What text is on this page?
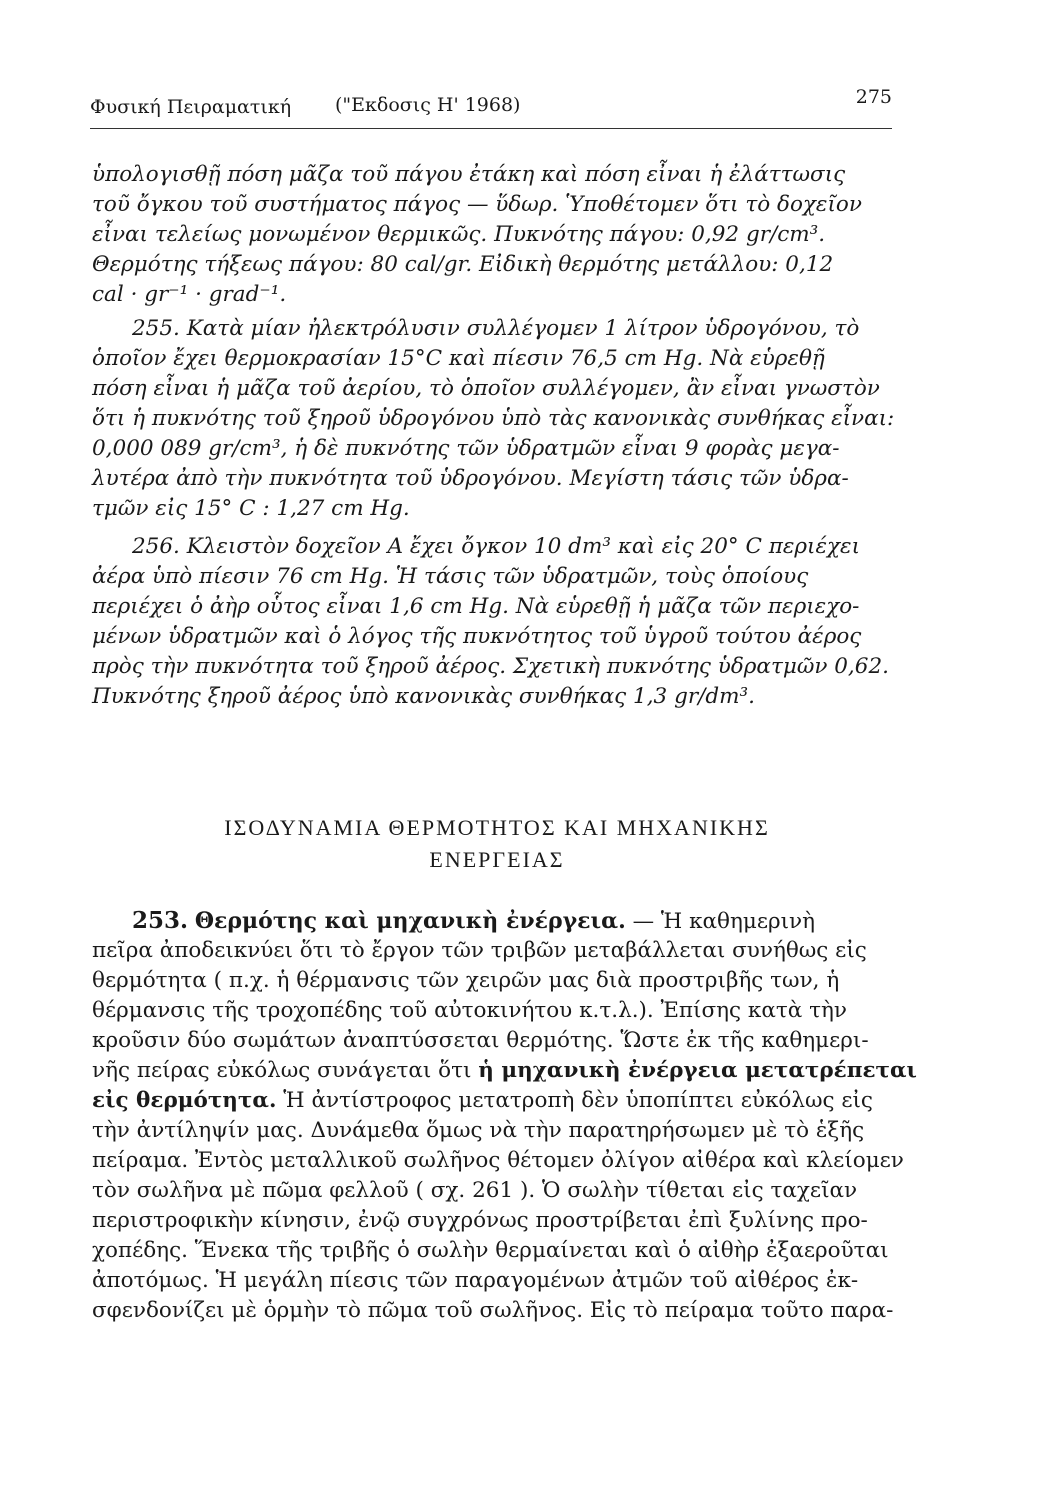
Φυσική Πειραματική ("Εκδοσις Η' 1968)	275
ὑπολογισθῇ πόση μᾶζα τοῦ πάγου ἐτάκη καὶ πόση εἶναι ἡ ἐλάττωσις
τοῦ ὄγκου τοῦ συστήματος πάγος — ὕδωρ. Ὑποθέτομεν ὅτι τὸ δοχεῖον
εἶναι τελείως μονωμένον θερμικῶς. Πυκνότης πάγου: 0,92 gr/cm³.
Θερμότης τήξεως πάγου: 80 cal/gr. Εἰδικὴ θερμότης μετάλλου: 0,12
cal · gr⁻¹ · grad⁻¹.
255. Κατὰ μίαν ἠλεκτρόλυσιν συλλέγομεν 1 λίτρον ὑδρογόνου, τὸ
ὁποῖον ἔχει θερμοκρασίαν 15°C καὶ πίεσιν 76,5 cm Hg. Νὰ εὑρεθῇ
πόση εἶναι ἡ μᾶζα τοῦ ἀερίου, τὸ ὁποῖον συλλέγομεν, ἂν εἶναι γνωστὸν
ὅτι ἡ πυκνότης τοῦ ξηροῦ ὑδρογόνου ὑπὸ τὰς κανονικὰς συνθήκας εἶναι:
0,000 089 gr/cm³, ἡ δὲ πυκνότης τῶν ὑδρατμῶν εἶναι 9 φορὰς μεγα-
λυτέρα ἀπὸ τὴν πυκνότητα τοῦ ὑδρογόνου. Μεγίστη τάσις τῶν ὑδρα-
τμῶν εἰς 15° C : 1,27 cm Hg.
256. Κλειστὸν δοχεῖον Α ἔχει ὄγκον 10 dm³ καὶ εἰς 20° C περιέχει
ἀέρα ὑπὸ πίεσιν 76 cm Hg. Ἡ τάσις τῶν ὑδρατμῶν, τοὺς ὁποίους
περιέχει ὁ ἀὴρ οὗτος εἶναι 1,6 cm Hg. Νὰ εὑρεθῇ ἡ μᾶζα τῶν περιεχο-
μένων ὑδρατμῶν καὶ ὁ λόγος τῆς πυκνότητος τοῦ ὑγροῦ τούτου ἀέρος
πρὸς τὴν πυκνότητα τοῦ ξηροῦ ἀέρος. Σχετικὴ πυκνότης ὑδρατμῶν 0,62.
Πυκνότης ξηροῦ ἀέρος ὑπὸ κανονικὰς συνθήκας 1,3 gr/dm³.
ΙΣΟΔΥΝΑΜΙΑ ΘΕΡΜΟΤΗΤΟΣ ΚΑΙ ΜΗΧΑΝΙΚΗΣ
ΕΝΕΡΓΕΙΑΣ
253. Θερμότης καὶ μηχανικὴ ἐνέργεια. — Ἡ καθημερινὴ
πεῖρα ἀποδεικνύει ὅτι τὸ ἔργον τῶν τριβῶν μεταβάλλεται συνήθως εἰς
θερμότητα ( π.χ. ἡ θέρμανσις τῶν χειρῶν μας διὰ προστριβῆς των, ἡ
θέρμανσις τῆς τροχοπέδης τοῦ αὐτοκινήτου κ.τ.λ.). Ἐπίσης κατὰ τὴν
κροῦσιν δύο σωμάτων ἀναπτύσσεται θερμότης. Ὥστε ἐκ τῆς καθημερι-
νῆς πείρας εὐκόλως συνάγεται ὅτι ἡ μηχανικὴ ἐνέργεια μετατρέπεται
εἰς θερμότητα. Ἡ ἀντίστροφος μετατροπὴ δὲν ὑποπίπτει εὐκόλως εἰς
τὴν ἀντίληψίν μας. Δυνάμεθα ὅμως νὰ τὴν παρατηρήσωμεν μὲ τὸ ἑξῆς
πείραμα. Ἐντὸς μεταλλικοῦ σωλῆνος θέτομεν ὀλίγον αἰθέρα καὶ κλείομεν
τὸν σωλῆνα μὲ πῶμα φελλοῦ ( σχ. 261 ). Ὁ σωλὴν τίθεται εἰς ταχεῖαν
περιστροφικὴν κίνησιν, ἐνῷ συγχρόνως προστρίβεται ἐπὶ ξυλίνης προ-
χοπέδης. Ἕνεκα τῆς τριβῆς ὁ σωλὴν θερμαίνεται καὶ ὁ αἰθὴρ ἐξαεροῦται
ἀποτόμως. Ἡ μεγάλη πίεσις τῶν παραγομένων ἀτμῶν τοῦ αἰθέρος ἐκ-
σφενδονίζει μὲ ὁρμὴν τὸ πῶμα τοῦ σωλῆνος. Εἰς τὸ πείραμα τοῦτο παρα-
